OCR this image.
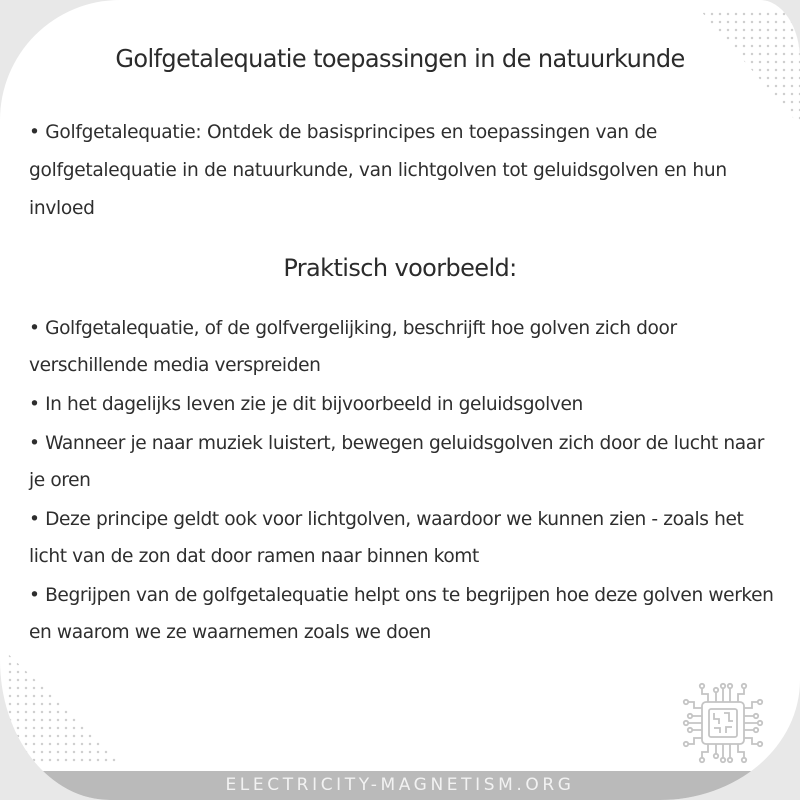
Golfgetalequatie toepassingen in de natuurkunde

• Golfgetalequatie: Ontdek de basisprincipes en toepassingen van de golfgetalequatie in de natuurkunde, van lichtgolven tot geluidsgolven en hun invloed

Praktisch voorbeeld:

• Golfgetalequatie, of de golfvergelijking, beschrijft hoe golven zich door verschillende media verspreiden

• In het dagelijks leven zie je dit bijvoorbeeld in geluidsgolven

• Wanneer je naar muziek luistert, bewegen geluidsgolven zich door de lucht naar je oren

• Deze principe geldt ook voor lichtgolven, waardoor we kunnen zien - zoals het licht van de zon dat door ramen naar binnen komt

• Begrijpen van de golfgetalequatie helpt ons te begrijpen hoe deze golven werken en waarom we ze waarnemen zoals we doen

ELECTRICITY-MAGNETISM.ORG
